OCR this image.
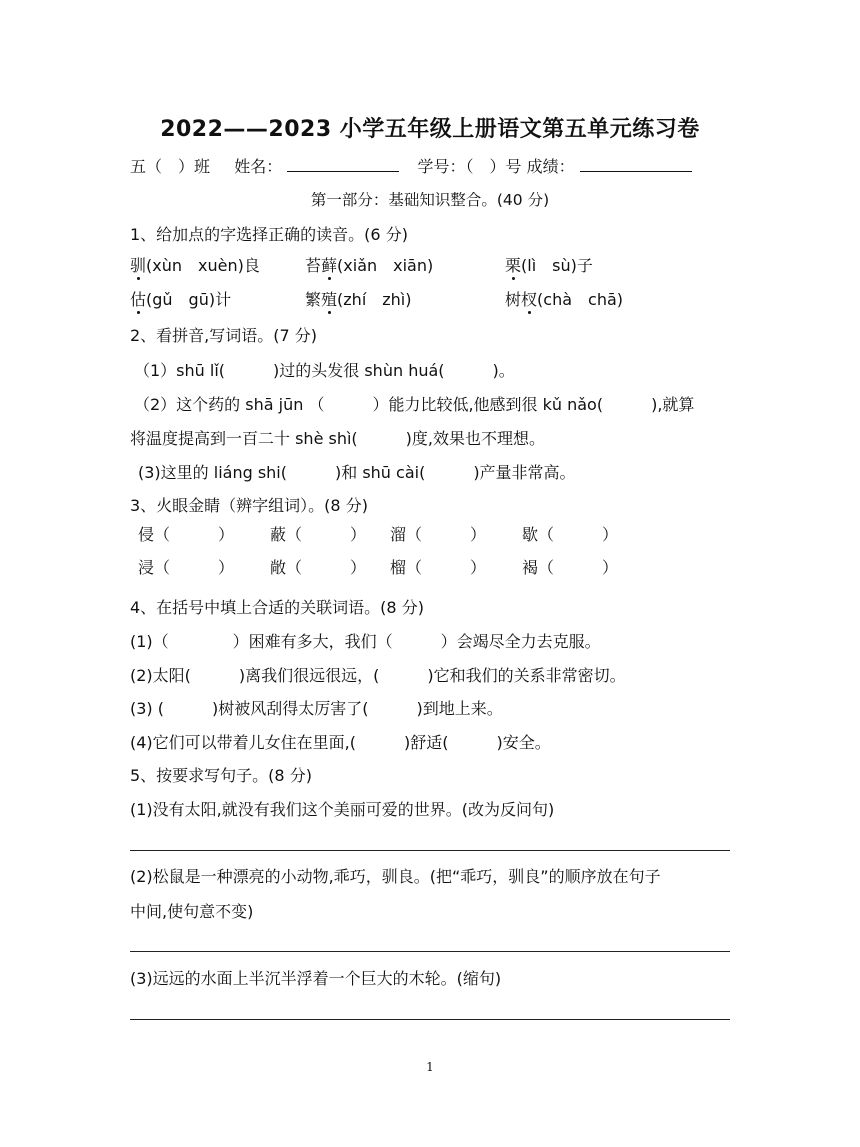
2022——2023 小学五年级上册语文第五单元练习卷
五（　）班 姓名：	学号：（　）号 成绩：
第一部分：基础知识整合。(40 分)
1、给加点的字选择正确的读音。(6 分)
驯(xùn　xuèn)良	苔藓(xiǎn　xiān)	栗(lì　sù)子
估(gǔ　gū)计	繁殖(zhí　zhì)	树杈(chà　chā)
2、看拼音,写词语。(7 分)
（1）shū lǐ(　　　)过的头发很 shùn huá(　　　)。
（2）这个药的 shā jūn （　　　）能力比较低,他感到很 kǔ nǎo(　　　),就算
将温度提高到一百二十 shè shì(　　　)度,效果也不理想。
(3)这里的 liáng shi(　　　)和 shū cài(　　　)产量非常高。
3、火眼金睛（辨字组词）。(8 分)
侵（　　　） 蔽（　　　） 溜（　　　） 歇（　　　）
浸（　　　） 敞（　　　） 榴（　　　） 褐（　　　）
4、在括号中填上合适的关联词语。(8 分)
(1)（　　　　）困难有多大，我们（　　　）会竭尽全力去克服。
(2)太阳(　　　)离我们很远很远，(　　　)它和我们的关系非常密切。
(3) (　　　)树被风刮得太厉害了(　　　)到地上来。
(4)它们可以带着儿女住在里面,(　　　)舒适(　　　)安全。
5、按要求写句子。(8 分)
(1)没有太阳,就没有我们这个美丽可爱的世界。(改为反问句)
(2)松鼠是一种漂亮的小动物,乖巧，驯良。(把“乖巧，驯良”的顺序放在句子
中间,使句意不变)
(3)远远的水面上半沉半浮着一个巨大的木轮。(缩句)
1
